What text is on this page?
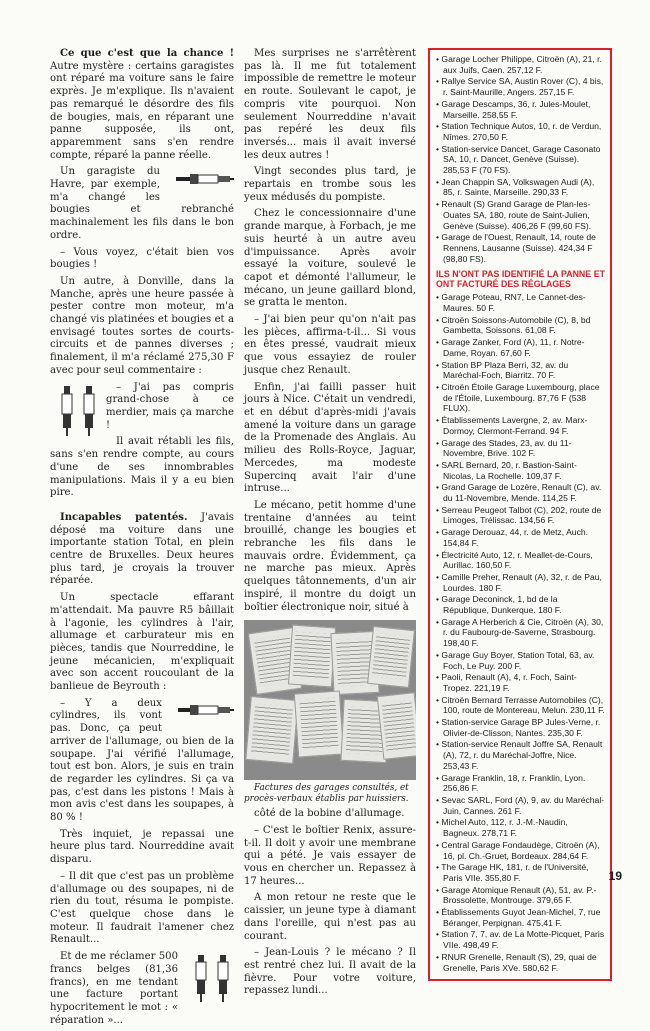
Ce que c'est que la chance ! Autre mystère : certains garagistes ont réparé ma voiture sans le faire exprès. Je m'explique. Ils n'avaient pas remarqué le désordre des fils de bougies, mais, en réparant une panne supposée, ils ont, apparemment sans s'en rendre compte, réparé la panne réelle.

Un garagiste du Havre, par exemple, m'a changé les bougies et rebranché machinalement les fils dans le bon ordre.

– Vous voyez, c'était bien vos bougies !

Un autre, à Donville, dans la Manche, après une heure passée à pester contre mon moteur, m'a changé vis platinées et bougies et a envisagé toutes sortes de courts-circuits et de pannes diverses ; finalement, il m'a réclamé 275,30 F avec pour seul commentaire :

– J'ai pas compris grand-chose à ce merdier, mais ça marche !

Il avait rétabli les fils, sans s'en rendre compte, au cours d'une de ses innombrables manipulations. Mais il y a eu bien pire.

Incapables patentés. J'avais déposé ma voiture dans une importante station Total, en plein centre de Bruxelles. Deux heures plus tard, je croyais la trouver réparée.

Un spectacle effarant m'attendait. Ma pauvre R5 bâillait à l'agonie, les cylindres à l'air, allumage et carburateur mis en pièces, tandis que Nourreddine, le jeune mécanicien, m'expliquait avec son accent roucoulant de la banlieue de Beyrouth :

– Y a deux cylindres, ils vont pas. Donc, ça peut arriver de l'allumage, ou bien de la soupape. J'ai vérifié l'allumage, tout est bon. Alors, je suis en train de regarder les cylindres. Si ça va pas, c'est dans les pistons ! Mais à mon avis c'est dans les soupapes, à 80 % !

Très inquiet, je repassai une heure plus tard. Nourreddine avait disparu.

– Il dit que c'est pas un problème d'allumage ou des soupapes, ni de rien du tout, résuma le pompiste. C'est quelque chose dans le moteur. Il faudrait l'amener chez Renault...

Et de me réclamer 500 francs belges (81,36 francs), en me tendant une facture portant hypocritement le mot : « réparation »...

Mes surprises ne s'arrêtèrent pas là. Il me fut totalement impossible de remettre le moteur en route. Soulevant le capot, je compris vite pourquoi. Non seulement Nourreddine n'avait pas repéré les deux fils inversés... mais il avait inversé les deux autres !

Vingt secondes plus tard, je repartais en trombe sous les yeux médusés du pompiste.

Chez le concessionnaire d'une grande marque, à Forbach, je me suis heurté à un autre aveu d'impuissance. Après avoir essayé la voiture, soulevé le capot et démonté l'allumeur, le mécano, un jeune gaillard blond, se gratta le menton.

– J'ai bien peur qu'on n'ait pas les pièces, affirma-t-il... Si vous en êtes pressé, vaudrait mieux que vous essayiez de rouler jusque chez Renault.

Enfin, j'ai failli passer huit jours à Nice. C'était un vendredi, et en début d'après-midi j'avais amené la voiture dans un garage de la Promenade des Anglais. Au milieu des Rolls-Royce, Jaguar, Mercedes, ma modeste Supercinq avait l'air d'une intruse...

Le mécano, petit homme d'une trentaine d'années au teint brouillé, change les bougies et rebranche les fils dans le mauvais ordre. Évidemment, ça ne marche pas mieux. Après quelques tâtonnements, d'un air inspiré, il montre du doigt un boîtier électronique noir, situé à

Factures des garages consultés, et procès-verbaux établis par huissiers.

côté de la bobine d'allumage.

– C'est le boîtier Renix, assure-t-il. Il doit y avoir une membrane qui a pété. Je vais essayer de vous en chercher un. Repassez à 17 heures...

A mon retour ne reste que le caissier, un jeune type à diamant dans l'oreille, qui n'est pas au courant.

– Jean-Louis ? le mécano ? Il est rentré chez lui. Il avait de la fièvre. Pour votre voiture, repassez lundi...

• Garage Locher Philippe, Citroën (A), 21, r. aux Juifs, Caen. 257,12 F.
• Rallye Service SA, Austin Rover (C), 4 bis, r. Saint-Maurille, Angers. 257,15 F.
• Garage Descamps, 36, r. Jules-Moulet, Marseille. 258,55 F.
• Station Technique Autos, 10, r. de Verdun, Nîmes. 270,50 F.
• Station-service Dancet, Garage Casonato SA, 10, r. Dancet, Genève (Suisse). 285,53 F (70 FS).
• Jean Chappin SA, Volkswagen Audi (A), 85, r. Sainte, Marseille. 290,33 F.
• Renault (S) Grand Garage de Plan-les-Ouates SA, 180, route de Saint-Julien, Genève (Suisse). 406,26 F (99,60 FS).
• Garage de l'Ouest, Renault, 14, route de Rennens, Lausanne (Suisse). 424,34 F (98,80 FS).
ILS N'ONT PAS IDENTIFIÉ LA PANNE ET ONT FACTURÉ DES RÉGLAGES
• Garage Poteau, RN7, Le Cannet-des-Maures. 50 F.
• Citroën Soissons-Automobile (C), 8, bd Gambetta, Soissons. 61,08 F.
• Garage Zanker, Ford (A), 11, r. Notre-Dame, Royan. 67,60 F.
• Station BP Plaza Berri, 32, av. du Maréchal-Foch, Biarritz. 70 F.
• Citroën Étoile Garage Luxembourg, place de l'Étoile, Luxembourg. 87,76 F (538 FLUX).
• Établissements Lavergne, 2, av. Marx-Dormoy, Clermont-Ferrand. 94 F.
• Garage des Stades, 23, av. du 11-Novembre, Brive. 102 F.
• SARL Bernard, 20, r. Bastion-Saint-Nicolas, La Rochelle. 109,37 F.
• Grand Garage de Lozère, Renault (C), av. du 11-Novembre, Mende. 114,25 F.
• Serreau Peugeot Talbot (C), 202, route de Limoges, Trélissac. 134,56 F.
• Garage Derouaz, 44, r. de Metz, Auch. 154,84 F.
• Électricité Auto, 12, r. Meallet-de-Cours, Aurillac. 160,50 F.
• Camille Preher, Renault (A), 32, r. de Pau, Lourdes. 180 F.
• Garage Deconinck, 1, bd de la République, Dunkerque. 180 F.
• Garage A Herberich & Cie, Citroën (A), 30, r. du Faubourg-de-Saverne, Strasbourg. 198,40 F.
• Garage Guy Boyer, Station Total, 63, av. Foch, Le Puy. 200 F.
• Paoli, Renault (A), 4, r. Foch, Saint-Tropez. 221,19 F.
• Citroën Bernard Terrasse Automobiles (C), 100, route de Montereau, Melun. 230,11 F.
• Station-service Garage BP Jules-Verne, r. Olivier-de-Clisson, Nantes. 235,30 F.
• Station-service Renault Joffre SA, Renault (A), 72, r. du Maréchal-Joffre, Nice. 253,43 F.
• Garage Franklin, 18, r. Franklin, Lyon. 256,86 F.
• Sevac SARL, Ford (A), 9, av. du Maréchal-Juin, Cannes. 261 F.
• Michel Auto, 112, r. J.-M.-Naudin, Bagneux. 278,71 F.
• Central Garage Fondaudège, Citroën (A), 16, pl. Ch.-Gruet, Bordeaux. 284,64 F.
• The Garage HK, 181, r. de l'Université, Paris VIIe. 355,80 F.
• Garage Atomique Renault (A), 51, av. P.-Brossolette, Montrouge. 379,65 F.
• Établissements Guyot Jean-Michel, 7, rue Béranger, Perpignan. 475,41 F.
• Station 7, 7, av. de La Motte-Picquet, Paris VIIe. 498,49 F.
• RNUR Grenelle, Renault (S), 29, quai de Grenelle, Paris XVe. 580,62 F.
19
